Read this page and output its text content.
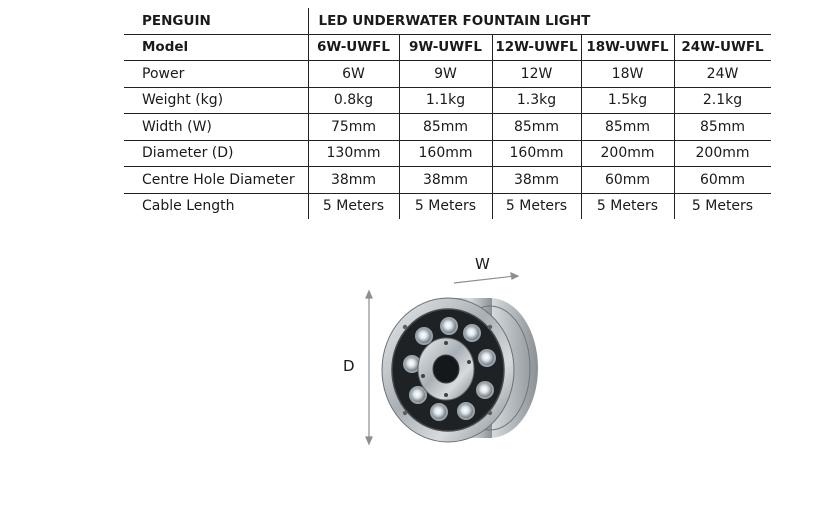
PENGUIN	LED UNDERWATER FOUNTAIN LIGHT				
Model	6W-UWFL	9W-UWFL	12W-UWFL	18W-UWFL	24W-UWFL
Power	6W	9W	12W	18W	24W
Weight (kg)	0.8kg	1.1kg	1.3kg	1.5kg	2.1kg
Width (W)	75mm	85mm	85mm	85mm	85mm
Diameter (D)	130mm	160mm	160mm	200mm	200mm
Centre Hole Diameter	38mm	38mm	38mm	60mm	60mm
Cable Length	5 Meters	5 Meters	5 Meters	5 Meters	5 Meters
W
D
